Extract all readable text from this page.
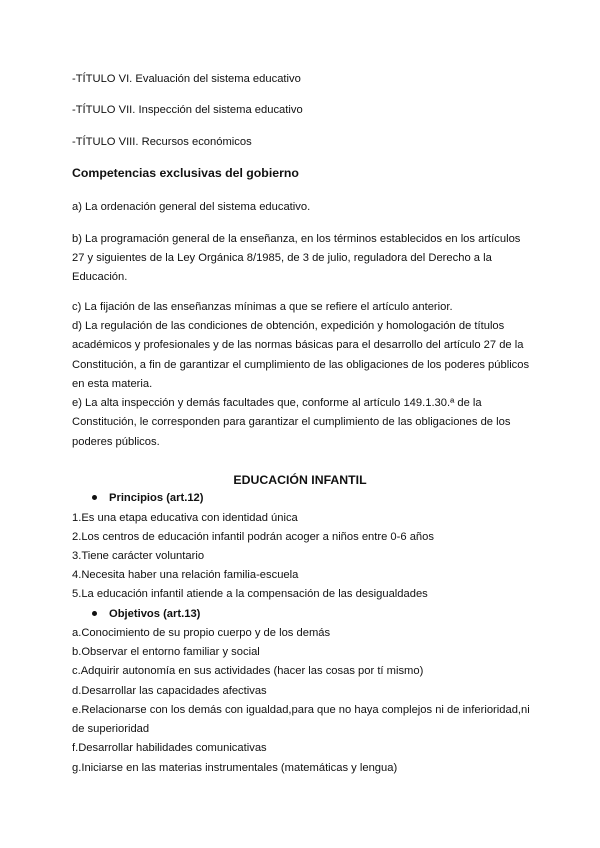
-TÍTULO VI. Evaluación del sistema educativo
-TÍTULO VII. Inspección del sistema educativo
-TÍTULO VIII. Recursos económicos
Competencias exclusivas del gobierno
a) La ordenación general del sistema educativo.
b) La programación general de la enseñanza, en los términos establecidos en los artículos
27 y siguientes de la Ley Orgánica 8/1985, de 3 de julio, reguladora del Derecho a la
Educación.
c) La fijación de las enseñanzas mínimas a que se refiere el artículo anterior.
d) La regulación de las condiciones de obtención, expedición y homologación de títulos
académicos y profesionales y de las normas básicas para el desarrollo del artículo 27 de la
Constitución, a fin de garantizar el cumplimiento de las obligaciones de los poderes públicos
en esta materia.
e) La alta inspección y demás facultades que, conforme al artículo 149.1.30.ª de la
Constitución, le corresponden para garantizar el cumplimiento de las obligaciones de los
poderes públicos.
EDUCACIÓN INFANTIL
Principios (art.12)
1.Es una etapa educativa con identidad única
2.Los centros de educación infantil podrán acoger a niños entre 0-6 años
3.Tiene carácter voluntario
4.Necesita haber una relación familia-escuela
5.La educación infantil atiende a la compensación de las desigualdades
Objetivos (art.13)
a.Conocimiento de su propio cuerpo y de los demás
b.Observar el entorno familiar y social
c.Adquirir autonomía en sus actividades (hacer las cosas por tí mismo)
d.Desarrollar las capacidades afectivas
e.Relacionarse con los demás con igualdad,para que no haya complejos ni de inferioridad,ni
de superioridad
f.Desarrollar habilidades comunicativas
g.Iniciarse en las materias instrumentales (matemáticas y lengua)
